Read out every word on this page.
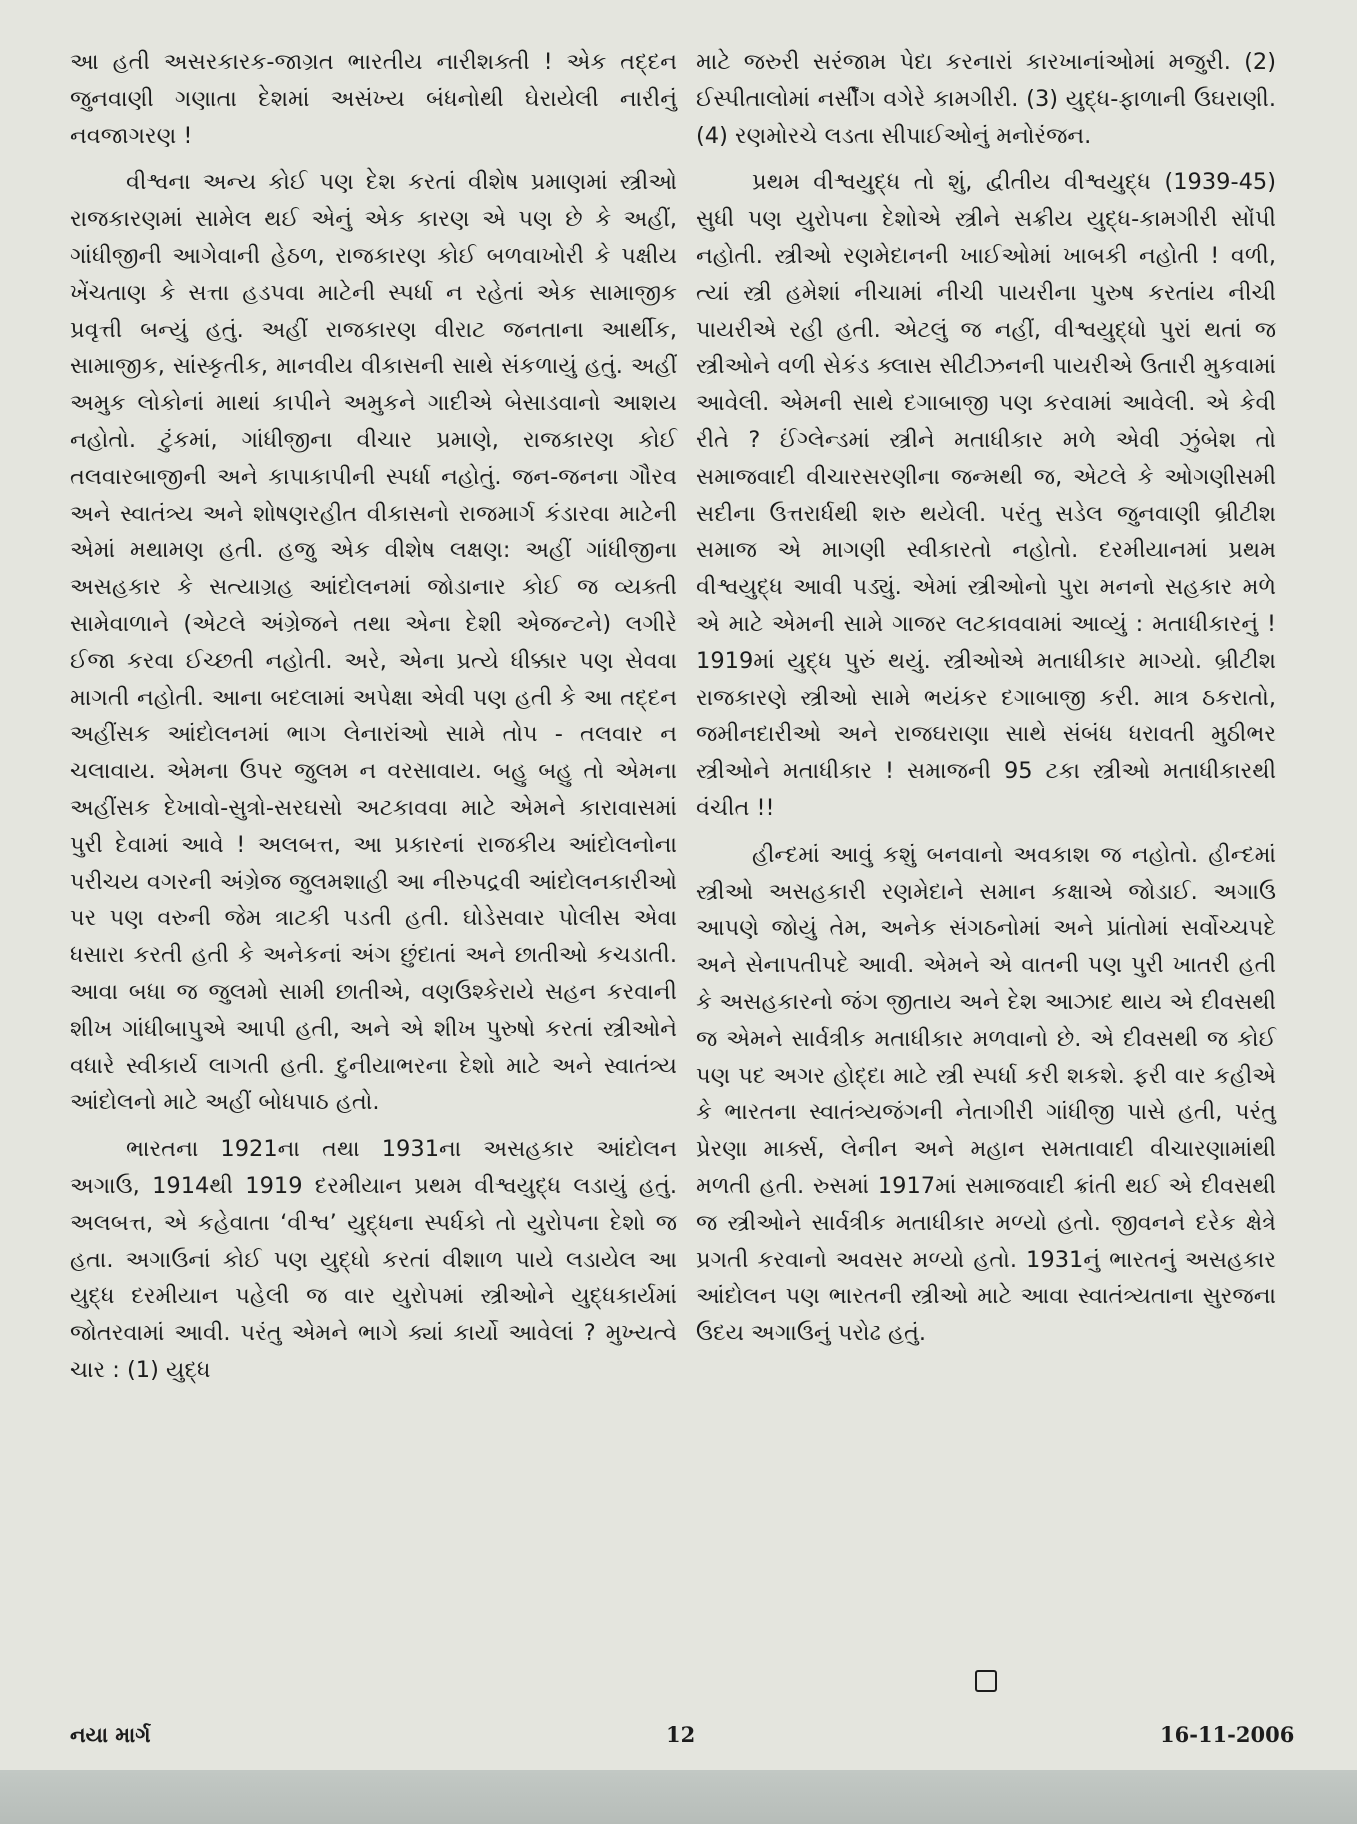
આ હતી અસરકારક-જાગ્રત ભારતીય નારીશક્તી ! એક તદ્દન જુનવાણી ગણાતા દેશમાં અસંખ્ય બંધનોથી ઘેરાયેલી નારીનું નવજાગરણ !

વીશ્વના અન્ય કોઈ પણ દેશ કરતાં વીશેષ પ્રમાણમાં સ્ત્રીઓ રાજકારણમાં સામેલ થઈ એનું એક કારણ એ પણ છે કે અહીં, ગાંધીજીની આગેવાની હેઠળ, રાજકારણ કોઈ બળવાખોરી કે પક્ષીય ખેંચતાણ કે સત્તા હડપવા માટેની સ્પર્ધા ન રહેતાં એક સામાજીક પ્રવૃત્તી બન્યું હતું. અહીં રાજકારણ વીરાટ જનતાના આર્થીક, સામાજીક, સાંસ્કૃતીક, માનવીય વીકાસની સાથે સંકળાયું હતું. અહીં અમુક લોકોનાં માથાં કાપીને અમુકને ગાદીએ બેસાડવાનો આશય નહોતો. ટુંકમાં, ગાંધીજીના વીચાર પ્રમાણે, રાજકારણ કોઈ તલવારબાજીની અને કાપાકાપીની સ્પર્ધા નહોતું. જન-જનના ગૌરવ અને સ્વાતંત્ર્ય અને શોષણરહીત વીકાસનો રાજમાર્ગ કંડારવા માટેની એમાં મથામણ હતી. હજુ એક વીશેષ લક્ષણ: અહીં ગાંધીજીના અસહકાર કે સત્યાગ્રહ આંદોલનમાં જોડાનાર કોઈ જ વ્યક્તી સામેવાળાને (એટલે અંગ્રેજને તથા એના દેશી એજન્ટને) લગીરે ઈજા કરવા ઈચ્છતી નહોતી. અરે, એના પ્રત્યે ધીક્કાર પણ સેવવા માગતી નહોતી. આના બદલામાં અપેક્ષા એવી પણ હતી કે આ તદ્દન અહીંસક આંદોલનમાં ભાગ લેનારાંઓ સામે તોપ - તલવાર ન ચલાવાય. એમના ઉપર જુલમ ન વરસાવાય. બહુ બહુ તો એમના અહીંસક દેખાવો-સુત્રો-સરઘસો અટકાવવા માટે એમને કારાવાસમાં પુરી દેવામાં આવે ! અલબત્ત, આ પ્રકારનાં રાજકીય આંદોલનોના પરીચય વગરની અંગ્રેજ જુલમશાહી આ નીરુપદ્રવી આંદોલનકારીઓ પર પણ વરુની જેમ ત્રાટકી પડતી હતી. ઘોડેસવાર પોલીસ એવા ધસારા કરતી હતી કે અનેકનાં અંગ છુંદાતાં અને છાતીઓ કચડાતી. આવા બધા જ જુલમો સામી છાતીએ, વણઉશ્કેરાયે સહન કરવાની શીખ ગાંધીબાપુએ આપી હતી, અને એ શીખ પુરુષો કરતાં સ્ત્રીઓને વધારે સ્વીકાર્ય લાગતી હતી. દુનીયાભરના દેશો માટે અને સ્વાતંત્ર્ય આંદોલનો માટે અહીં બોધપાઠ હતો.

ભારતના 1921ના તથા 1931ના અસહકાર આંદોલન અગાઉ, 1914થી 1919 દરમીયાન પ્રથમ વીશ્વયુદ્ધ લડાયું હતું. અલબત્ત, એ કહેવાતા ‘વીશ્વ’ યુદ્ધના સ્પર્ધકો તો યુરોપના દેશો જ હતા. અગાઉનાં કોઈ પણ યુદ્ધો કરતાં વીશાળ પાયે લડાયેલ આ યુદ્ધ દરમીયાન પહેલી જ વાર યુરોપમાં સ્ત્રીઓને યુદ્ધકાર્યમાં જોતરવામાં આવી. પરંતુ એમને ભાગે ક્યાં કાર્યો આવેલાં ? મુખ્યત્વે ચાર : (1) યુદ્ધ

માટે જરુરી સરંજામ પેદા કરનારાં કારખાનાંઓમાં મજુરી. (2) ઈસ્પીતાલોમાં નર્સીંગ વગેરે કામગીરી. (3) યુદ્ધ-ફાળાની ઉઘરાણી. (4) રણમોરચે લડતા સીપાઈઓનું મનોરંજન.

પ્રથમ વીશ્વયુદ્ધ તો શું, દ્વીતીય વીશ્વયુદ્ધ (1939-45) સુધી પણ યુરોપના દેશોએ સ્ત્રીને સક્રીય યુદ્ધ-કામગીરી સોંપી નહોતી. સ્ત્રીઓ રણમેદાનની ખાઈઓમાં ખાબકી નહોતી ! વળી, ત્યાં સ્ત્રી હમેશાં નીચામાં નીચી પાયરીના પુરુષ કરતાંય નીચી પાયરીએ રહી હતી. એટલું જ નહીં, વીશ્વયુદ્ધો પુરાં થતાં જ સ્ત્રીઓને વળી સેકંડ ક્લાસ સીટીઝનની પાયરીએ ઉતારી મુકવામાં આવેલી. એમની સાથે દગાબાજી પણ કરવામાં આવેલી. એ કેવી રીતે ? ઈંગ્લેન્ડમાં સ્ત્રીને મતાધીકાર મળે એવી ઝુંબેશ તો સમાજવાદી વીચારસરણીના જન્મથી જ, એટલે કે ઓગણીસમી સદીના ઉત્તરાર્ધથી શરુ થયેલી. પરંતુ સડેલ જુનવાણી બ્રીટીશ સમાજ એ માગણી સ્વીકારતો નહોતો. દરમીયાનમાં પ્રથમ વીશ્વયુદ્ધ આવી પડ્યું. એમાં સ્ત્રીઓનો પુરા મનનો સહકાર મળે એ માટે એમની સામે ગાજર લટકાવવામાં આવ્યું : મતાધીકારનું ! 1919માં યુદ્ધ પુરું થયું. સ્ત્રીઓએ મતાધીકાર માગ્યો. બ્રીટીશ રાજકારણે સ્ત્રીઓ સામે ભયંકર દગાબાજી કરી. માત્ર ઠકરાતો, જમીનદારીઓ અને રાજઘરાણા સાથે સંબંધ ધરાવતી મુઠીભર સ્ત્રીઓને મતાધીકાર ! સમાજની 95 ટકા સ્ત્રીઓ મતાધીકારથી વંચીત !!

હીન્દમાં આવું કશું બનવાનો અવકાશ જ નહોતો. હીન્દમાં સ્ત્રીઓ અસહકારી રણમેદાને સમાન કક્ષાએ જોડાઈ. અગાઉ આપણે જોયું તેમ, અનેક સંગઠનોમાં અને પ્રાંતોમાં સર્વોચ્ચપદે અને સેનાપતીપદે આવી. એમને એ વાતની પણ પુરી ખાતરી હતી કે અસહકારનો જંગ જીતાય અને દેશ આઝાદ થાય એ દીવસથી જ એમને સાર્વત્રીક મતાધીકાર મળવાનો છે. એ દીવસથી જ કોઈ પણ પદ અગર હોદ્દા માટે સ્ત્રી સ્પર્ધા કરી શકશે. ફરી વાર કહીએ કે ભારતના સ્વાતંત્ર્યજંગની નેતાગીરી ગાંધીજી પાસે હતી, પરંતુ પ્રેરણા માર્ક્સ, લેનીન અને મહાન સમતાવાદી વીચારણામાંથી મળતી હતી. રુસમાં 1917માં સમાજવાદી ક્રાંતી થઈ એ દીવસથી જ સ્ત્રીઓને સાર્વત્રીક મતાધીકાર મળ્યો હતો. જીવનને દરેક ક્ષેત્રે પ્રગતી કરવાનો અવસર મળ્યો હતો. 1931નું ભારતનું અસહકાર આંદોલન પણ ભારતની સ્ત્રીઓ માટે આવા સ્વાતંત્ર્યતાના સુરજના ઉદય અગાઉનું પરોઢ હતું.

નયા માર્ગ	12	16-11-2006
